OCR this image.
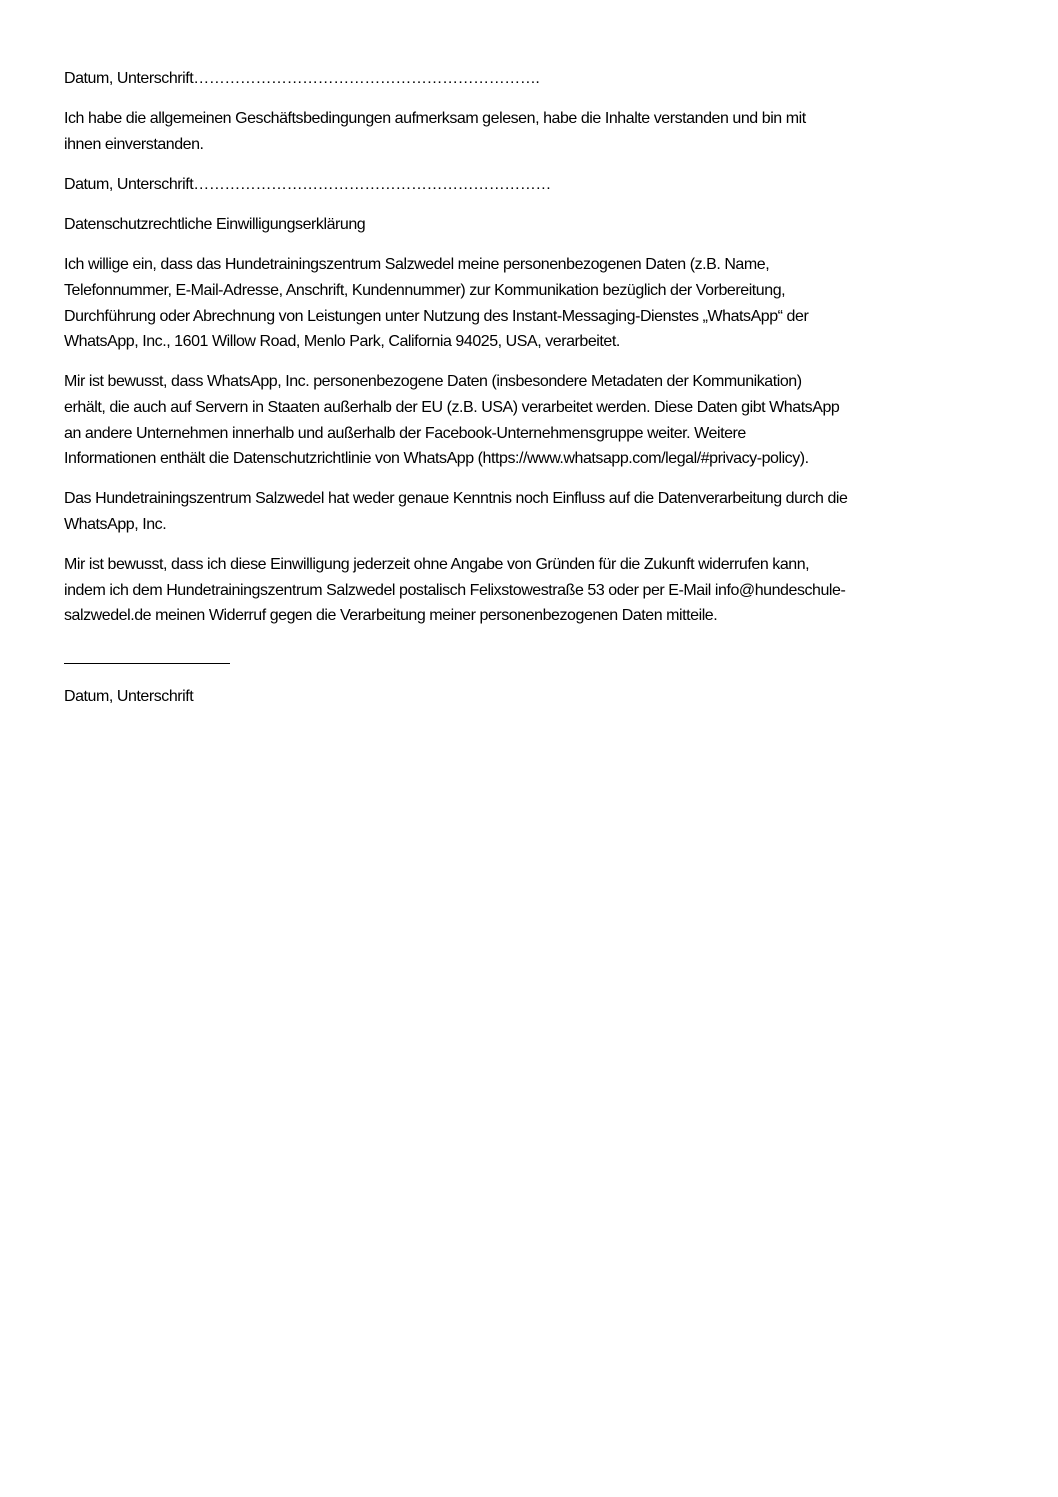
Datum, Unterschrift………………………………………………………….
Ich habe die allgemeinen Geschäftsbedingungen aufmerksam gelesen, habe die Inhalte verstanden und bin mit
ihnen einverstanden.
Datum, Unterschrift……………………………………………………………
Datenschutzrechtliche Einwilligungserklärung
Ich willige ein, dass das Hundetrainingszentrum Salzwedel meine personenbezogenen Daten (z.B. Name,
Telefonnummer, E-Mail-Adresse, Anschrift, Kundennummer) zur Kommunikation bezüglich der Vorbereitung,
Durchführung oder Abrechnung von Leistungen unter Nutzung des Instant-Messaging-Dienstes „WhatsApp“ der
WhatsApp, Inc., 1601 Willow Road, Menlo Park, California 94025, USA, verarbeitet.
Mir ist bewusst, dass WhatsApp, Inc. personenbezogene Daten (insbesondere Metadaten der Kommunikation)
erhält, die auch auf Servern in Staaten außerhalb der EU (z.B. USA) verarbeitet werden. Diese Daten gibt WhatsApp
an andere Unternehmen innerhalb und außerhalb der Facebook-Unternehmensgruppe weiter. Weitere
Informationen enthält die Datenschutzrichtlinie von WhatsApp (https://www.whatsapp.com/legal/#privacy-policy).
Das Hundetrainingszentrum Salzwedel hat weder genaue Kenntnis noch Einfluss auf die Datenverarbeitung durch die
WhatsApp, Inc.
Mir ist bewusst, dass ich diese Einwilligung jederzeit ohne Angabe von Gründen für die Zukunft widerrufen kann,
indem ich dem Hundetrainingszentrum Salzwedel postalisch Felixstowestraße 53 oder per E-Mail info@hundeschule-
salzwedel.de meinen Widerruf gegen die Verarbeitung meiner personenbezogenen Daten mitteile.
Datum, Unterschrift
